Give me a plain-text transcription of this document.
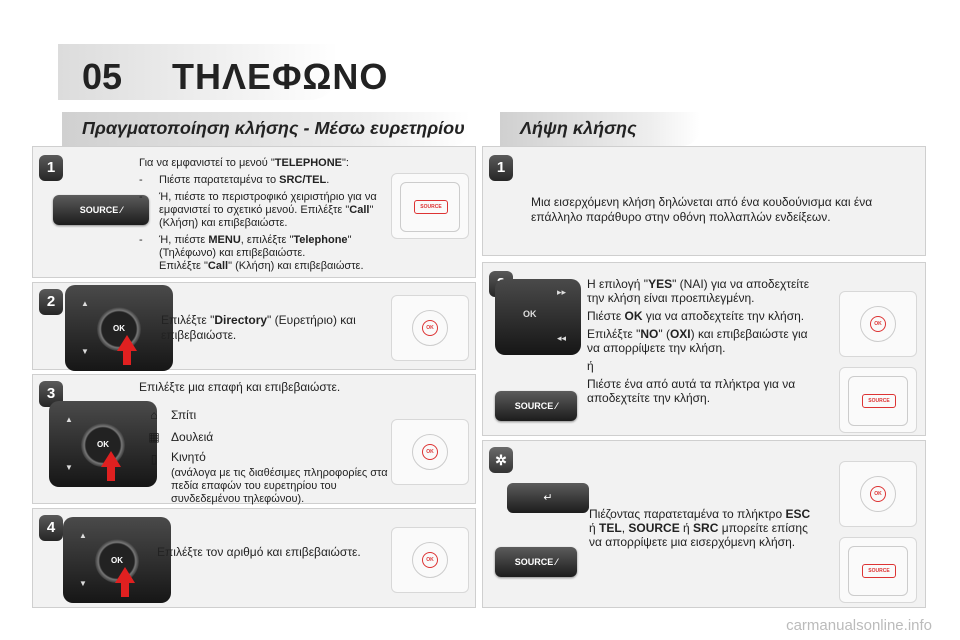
05 ΤΗΛΕΦΩΝΟ
Πραγματοποίηση κλήσης - Μέσω ευρετηρίου	Λήψη κλήσης
1
SOURCE ⁄
Για να εμφανιστεί το μενού "TELEPHONE":
-	Πιέστε παρατεταμένα το SRC/TEL.
-	Ή, πιέστε το περιστροφικό χειριστήριο για να εμφανιστεί το σχετικό μενού. Επιλέξτε "Call" (Κλήση) και επιβεβαιώστε.
-	Ή, πιέστε MENU, επιλέξτε "Telephone" (Τηλέφωνο) και επιβεβαιώστε.
Επιλέξτε "Call" (Κλήση) και επιβεβαιώστε.
SOURCE
2	▲
OK
▼
Επιλέξτε "Directory" (Ευρετήριο) και επιβεβαιώστε.	OK
3
▲
OK
▼
Επιλέξτε μια επαφή και επιβεβαιώστε.
⌂	Σπίτι
▦ Δουλειά
▯	Κινητό
(ανάλογα με τις διαθέσιμες πληροφορίες στα πεδία επαφών του ευρετηρίου του συνδεδεμένου τηλεφώνου).
OK
4	▲
OK
▼
Επιλέξτε τον αριθμό και επιβεβαιώστε.
OK
1
Μια εισερχόμενη κλήση δηλώνεται από ένα κουδούνισμα και ένα επάλληλο παράθυρο στην οθόνη πολλαπλών ενδείξεων.
OK
▸▸
◂◂
SOURCE ⁄
Η επιλογή "YES" (ΝΑΙ) για να αποδεχτείτε την κλήση είναι προεπιλεγμένη.
Πιέστε OK για να αποδεχτείτε την κλήση.
Επιλέξτε "NO" (ΟΧΙ) και επιβεβαιώστε για να απορρίψετε την κλήση.
ή
Πιέστε ένα από αυτά τα πλήκτρα για να αποδεχτείτε την κλήση.
OK
SOURCE
✲
↵
SOURCE ⁄
Πιέζοντας παρατεταμένα το πλήκτρο ESC ή TEL, SOURCE ή SRC μπορείτε επίσης να απορρίψετε μια εισερχόμενη κλήση.
OK
SOURCE
carmanualsonline.info
